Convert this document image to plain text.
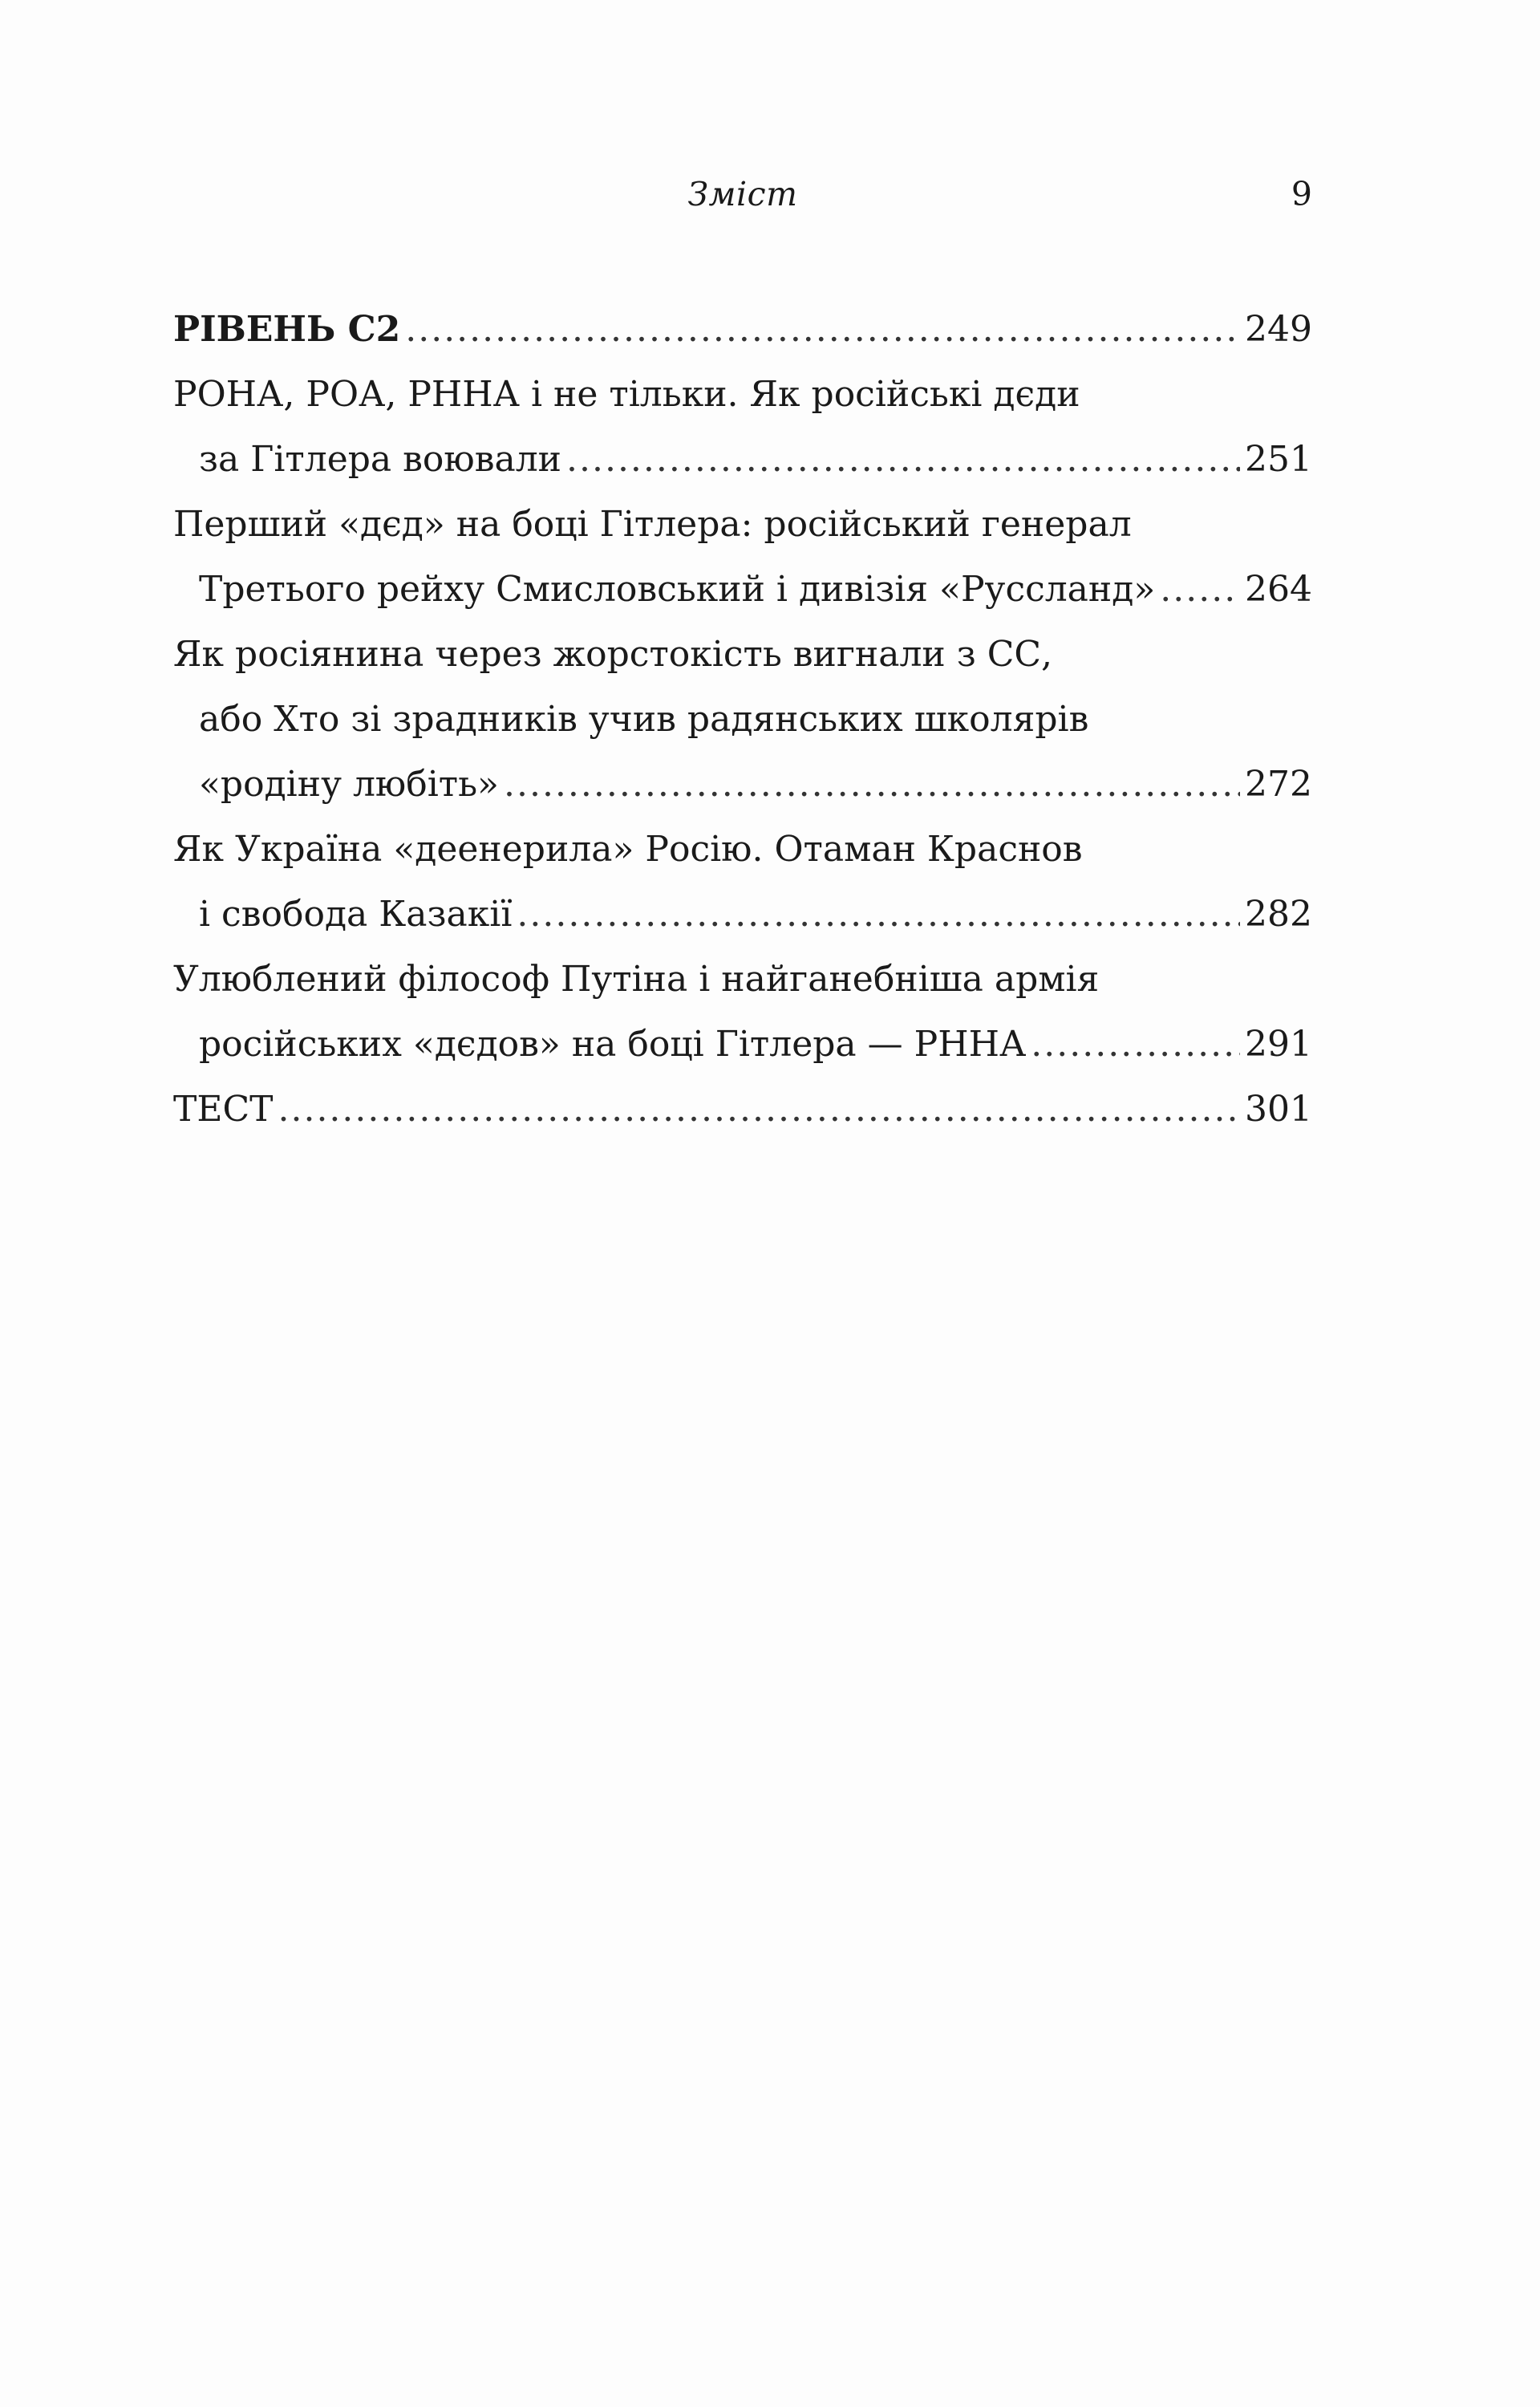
Зміст	9
РІВЕНЬ С2 .....	249
РОНА, РОА, РННА і не тільки. Як російські дєди
за Гітлера воювали .....	251
Перший «дєд» на боці Гітлера: російський генерал
Третього рейху Смисловський і дивізія «Руссланд» .....	264
Як росіянина через жорстокість вигнали з СС,
або Хто зі зрадників учив радянських школярів
«родіну любіть» .....	272
Як Україна «деенерила» Росію. Отаман Краснов
і свобода Казакії .....	282
Улюблений філософ Путіна і найганебніша армія
російських «дєдов» на боці Гітлера — РННА .....	291
ТЕСТ .....	301
